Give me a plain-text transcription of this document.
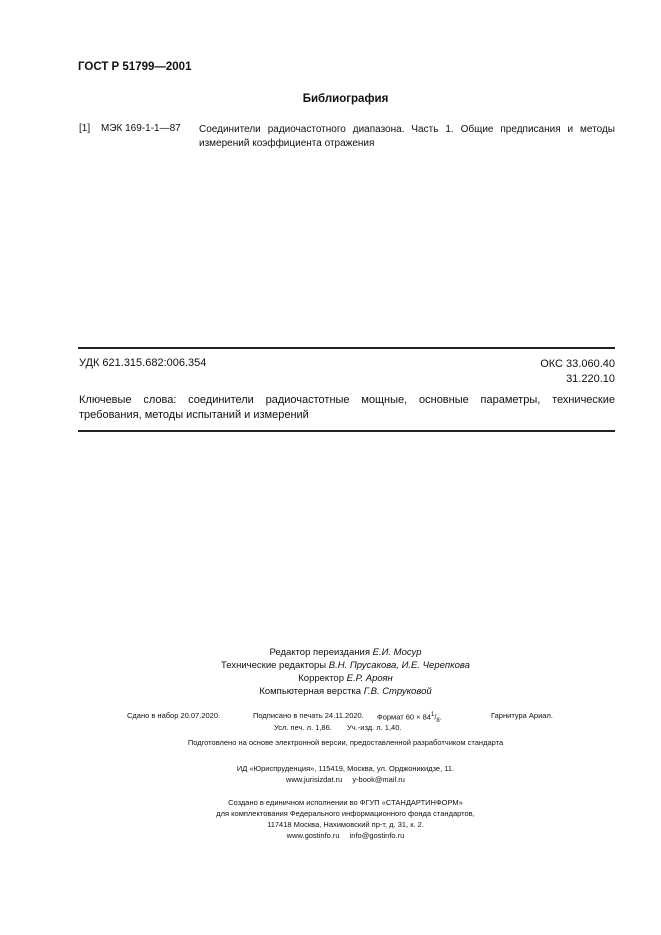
ГОСТ Р 51799—2001
Библиография
[1] МЭК 169-1-1—87 Соединители радиочастотного диапазона. Часть 1. Общие предписания и методы измерений коэффициента отражения
УДК 621.315.682:006.354	ОКС 33.060.40
31.220.10
Ключевые слова: соединители радиочастотные мощные, основные параметры, технические требования, методы испытаний и измерений
Редактор переиздания Е.И. Мосур
Технические редакторы В.Н. Прусакова, И.Е. Черепкова
Корректор Е.Р. Ароян
Компьютерная верстка Г.В. Струковой
Сдано в набор 20.07.2020.	Подписано в печать 24.11.2020. Формат $60 \times 84^1/_8$.	Гарнитура Ариал.
Усл. печ. л. 1,86. Уч.-изд. л. 1,40.
Подготовлено на основе электронной версии, предоставленной разработчиком стандарта
ИД «Юриспруденция», 115419, Москва, ул. Орджоникидзе, 11.
www.jurisizdat.ru y-book@mail.ru
Создано в единичном исполнении во ФГУП «СТАНДАРТИНФОРМ»
для комплектования Федерального информационного фонда стандартов,
117418 Москва, Нахимовский пр-т, д. 31, к. 2.
www.gostinfo.ru info@gostinfo.ru
